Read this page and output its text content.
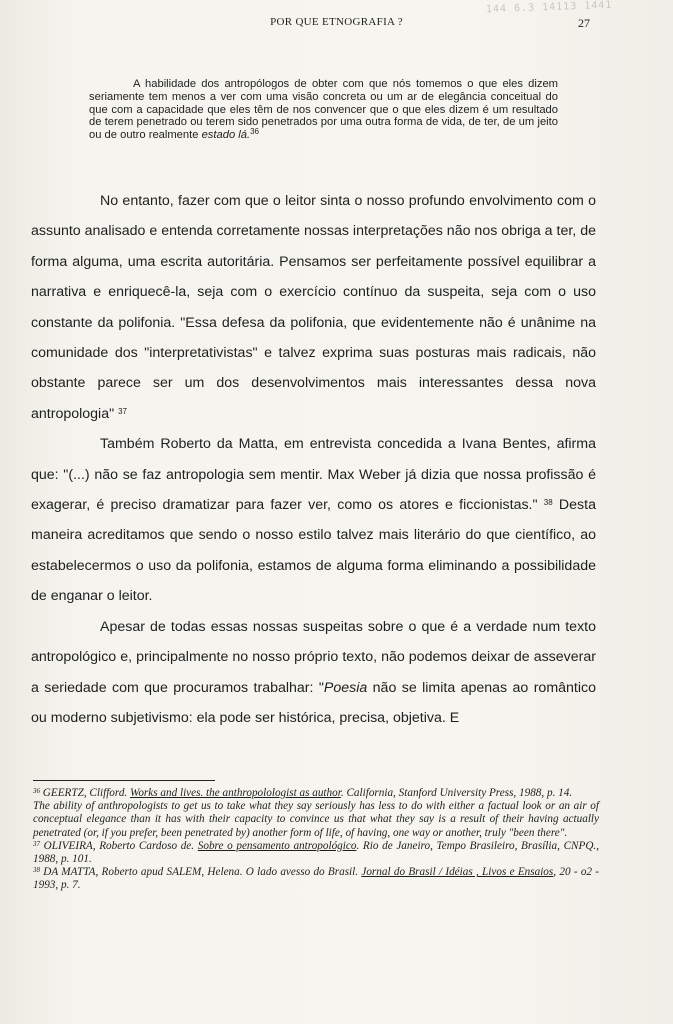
144 6.3 14113 1441
POR QUE ETNOGRAFIA ?	27
A habilidade dos antropólogos de obter com que nós tomemos o que eles dizem seriamente tem menos a ver com uma visão concreta ou um ar de elegância conceitual do que com a capacidade que eles têm de nos convencer que o que eles dizem é um resultado de terem penetrado ou terem sido penetrados por uma outra forma de vida, de ter, de um jeito ou de outro realmente estado lá.$^{36}$

No entanto, fazer com que o leitor sinta o nosso profundo envolvimento com o assunto analisado e entenda corretamente nossas interpretações não nos obriga a ter, de forma alguma, uma escrita autoritária. Pensamos ser perfeitamente possível equilibrar a narrativa e enriquecê-la, seja com o exercício contínuo da suspeita, seja com o uso constante da polifonia. "Essa defesa da polifonia, que evidentemente não é unânime na comunidade dos "interpretativistas" e talvez exprima suas posturas mais radicais, não obstante parece ser um dos desenvolvimentos mais interessantes dessa nova antropologia" $^{37}$

Também Roberto da Matta, em entrevista concedida a Ivana Bentes, afirma que: "(...) não se faz antropologia sem mentir. Max Weber já dizia que nossa profissão é exagerar, é preciso dramatizar para fazer ver, como os atores e ficcionistas." $^{38}$ Desta maneira acreditamos que sendo o nosso estilo talvez mais literário do que científico, ao estabelecermos o uso da polifonia, estamos de alguma forma eliminando a possibilidade de enganar o leitor.

Apesar de todas essas nossas suspeitas sobre o que é a verdade num texto antropológico e, principalmente no nosso próprio texto, não podemos deixar de asseverar a seriedade com que procuramos trabalhar: "Poesia não se limita apenas ao romântico ou moderno subjetivismo: ela pode ser histórica, precisa, objetiva. E

$^{36}$ GEERTZ, Clifford. Works and lives. the anthropolologist as author. California, Stanford University Press, 1988, p. 14.

The ability of anthropologists to get us to take what they say seriously has less to do with either a factual look or an air of conceptual elegance than it has with their capacity to convince us that what they say is a result of their having actually penetrated (or, if you prefer, been penetrated by) another form of life, of having, one way or another, truly "been there".

$^{37}$ OLIVEIRA, Roberto Cardoso de. Sobre o pensamento antropológico. Rio de Janeiro, Tempo Brasileiro, Brasília, CNPQ., 1988, p. 101.

$^{38}$ DA MATTA, Roberto apud SALEM, Helena. O lado avesso do Brasil. Jornal do Brasil / Idéias , Livos e Ensaios, 20 - o2 - 1993, p. 7.
